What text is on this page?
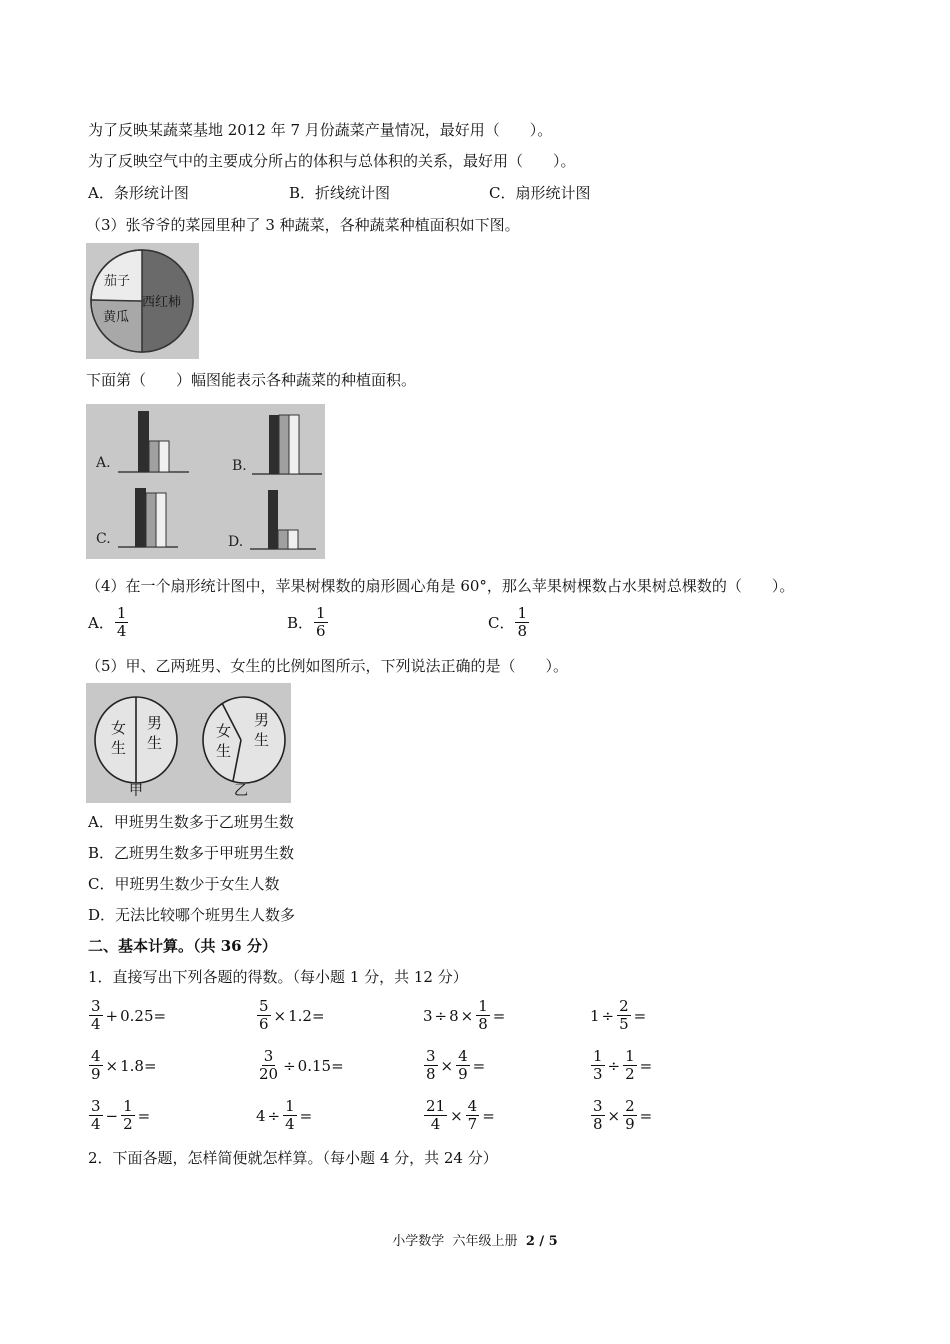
为了反映某蔬菜基地 2012 年 7 月份蔬菜产量情况，最好用（　　）。
为了反映空气中的主要成分所占的体积与总体积的关系，最好用（　　）。
A．条形统计图	B．折线统计图	C．扇形统计图
（3）张爷爷的菜园里种了 3 种蔬菜，各种蔬菜种植面积如下图。
茄子
西红柿
黄瓜
下面第（　　）幅图能表示各种蔬菜的种植面积。
A.	B.
C.	D.
（4）在一个扇形统计图中，苹果树棵数的扇形圆心角是 60°，那么苹果树棵数占水果树总棵数的（　　）。
A． $\frac{1}{4}$	B． $\frac{1}{6}$	C． $\frac{1}{8}$
（5）甲、乙两班男、女生的比例如图所示，下列说法正确的是（　　）。
女
生
男
生
甲
女
生
男
生
乙
A．甲班男生数多于乙班男生数
B．乙班男生数多于甲班男生数
C．甲班男生数少于女生人数
D．无法比较哪个班男生人数多
二、基本计算。（共 36 分）
1．直接写出下列各题的得数。（每小题 1 分，共 12 分）
$\frac{3}{4} + 0.25=$	$\frac{5}{6} \times 1.2=$	$3 \div 8 \times \frac{1}{8}$ =	$1 \div \frac{2}{5}$ =
$\frac{4}{9} \times 1.8=$	$\frac{3}{20} \div 0.15=$	$\frac{3}{8} \times \frac{4}{9}$ =	$\frac{1}{3} \div \frac{1}{2}$ =
$\frac{3}{4} - \frac{1}{2}$ =	$4 \div \frac{1}{4}$ =	$\frac{21}{4} \times \frac{4}{7}$ =	$\frac{3}{8} \times \frac{2}{9}$ =
2．下面各题，怎样简便就怎样算。（每小题 4 分，共 24 分）
小学数学  六年级上册  2 / 5
